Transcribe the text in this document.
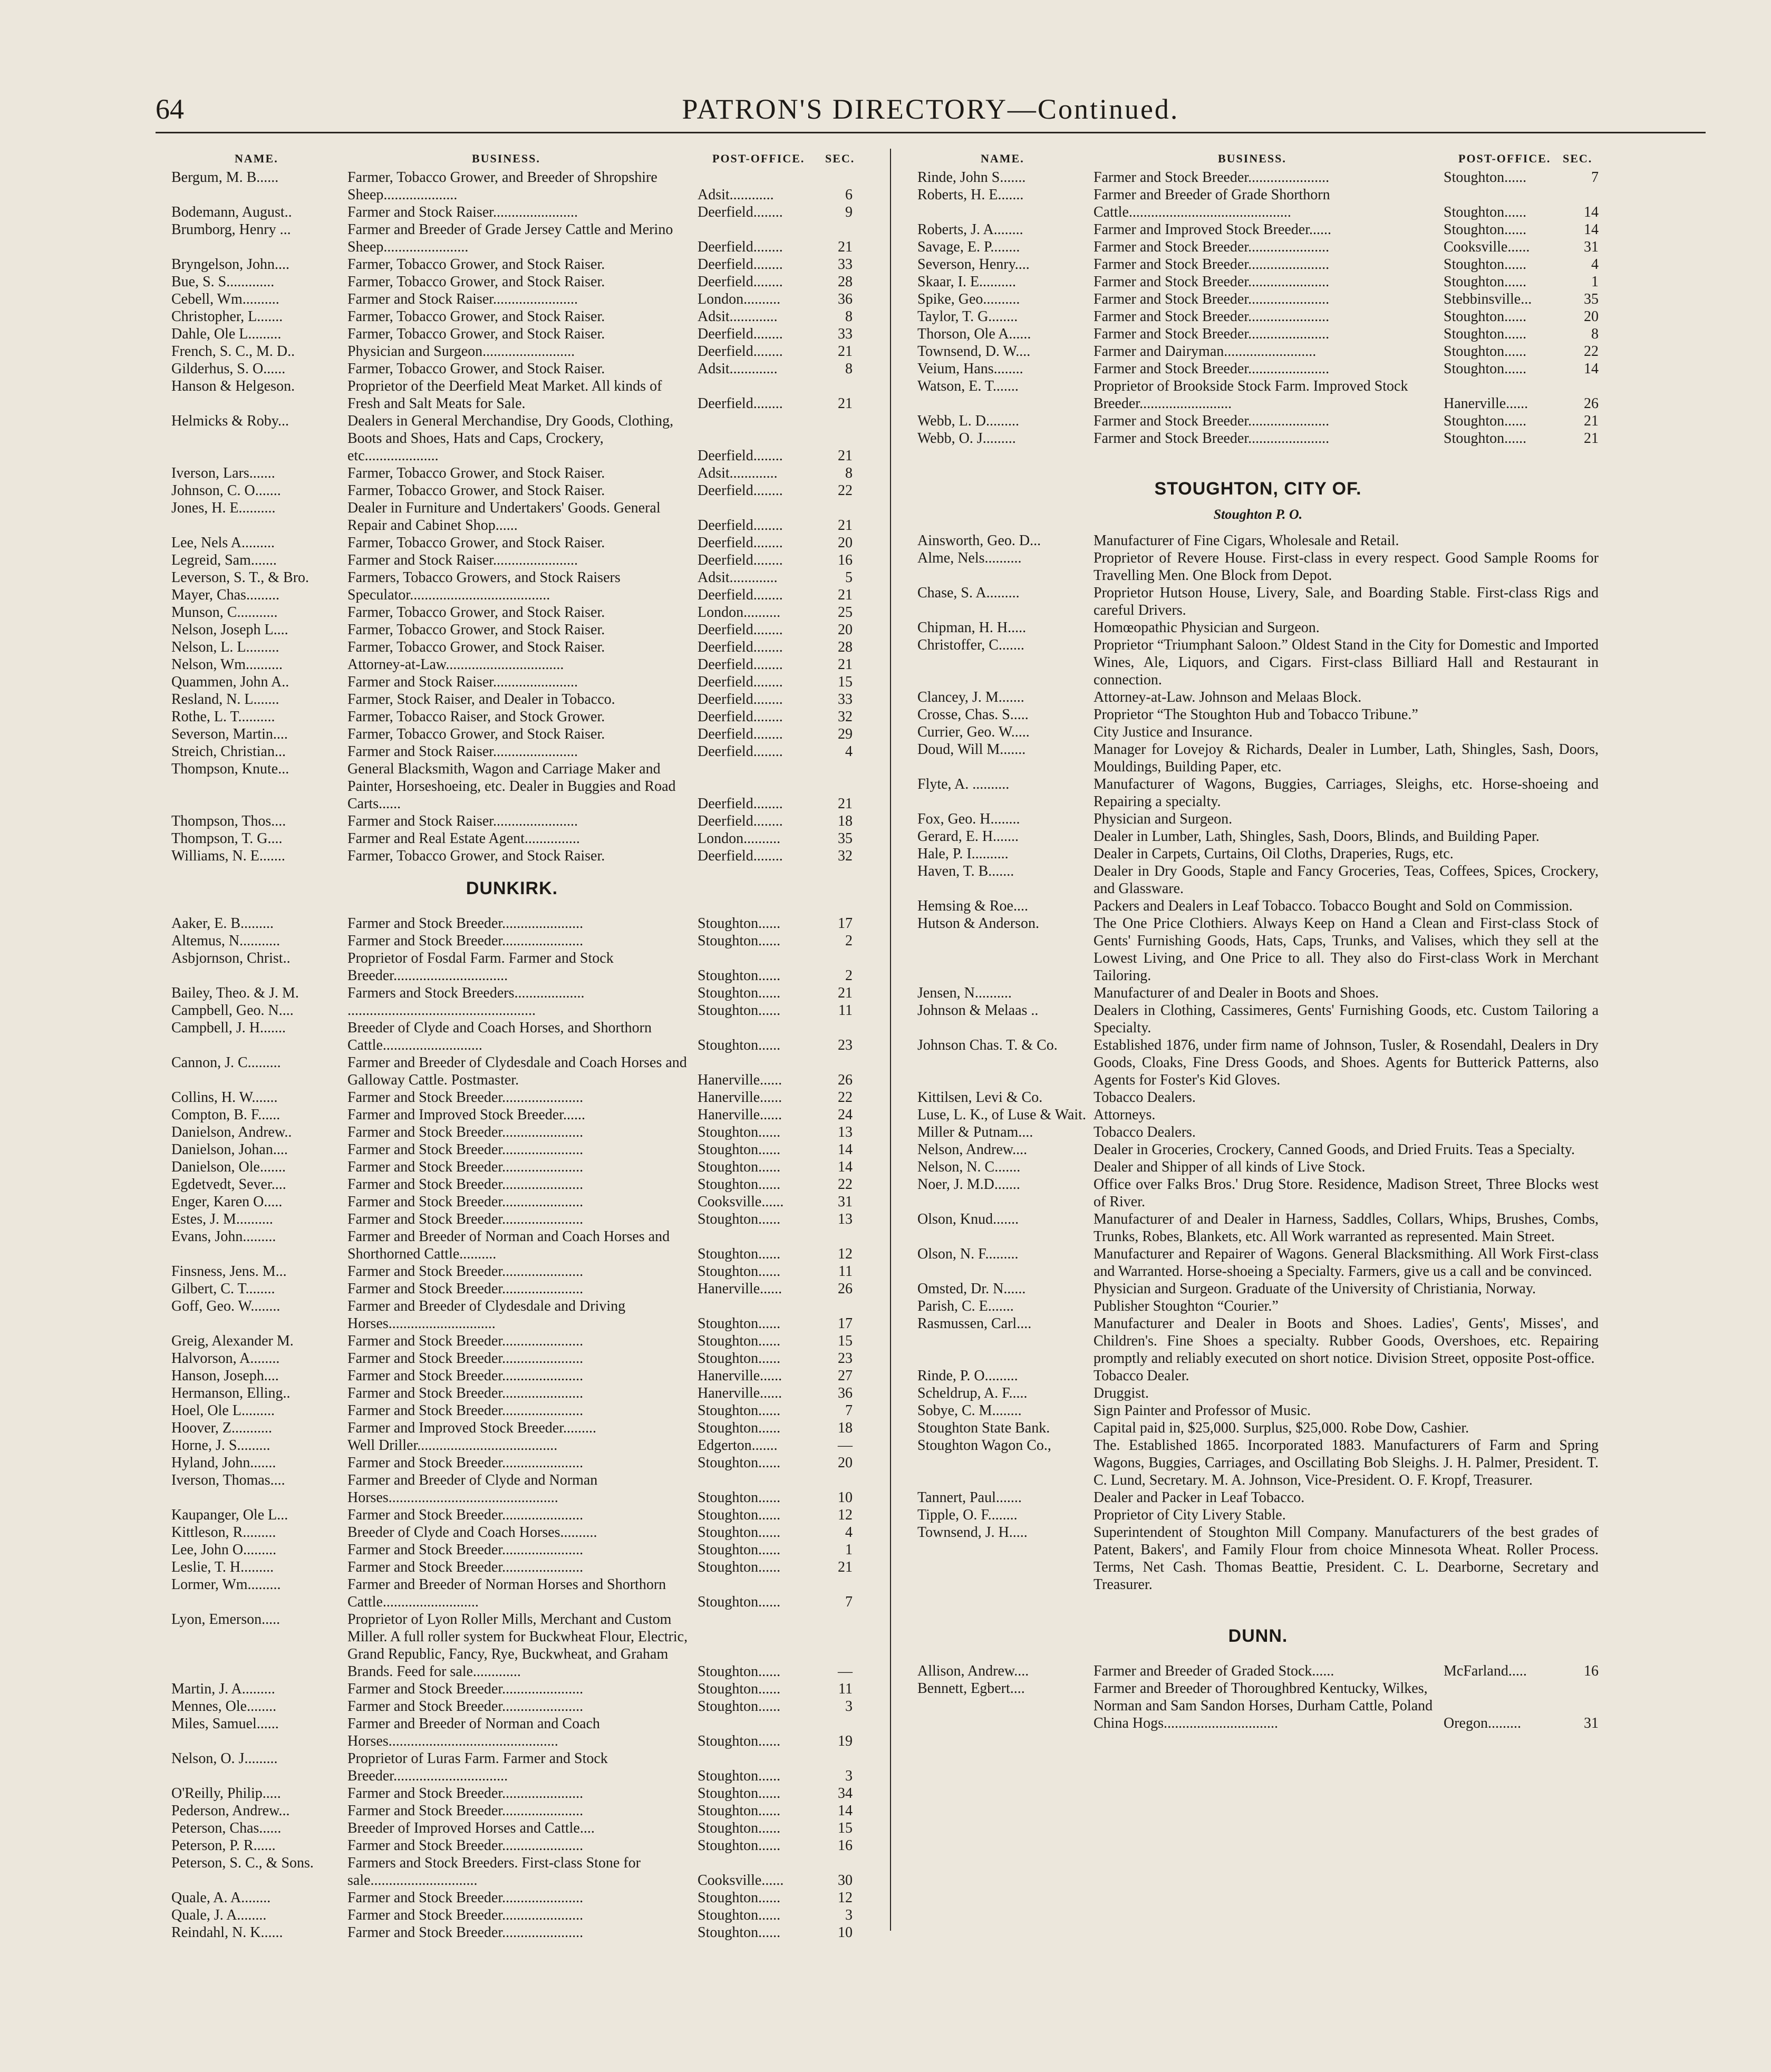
64	PATRON'S DIRECTORY—Continued.
NAME.	BUSINESS.	POST-OFFICE. SEC.
Bergum, M. B......	Farmer, Tobacco Grower, and Breeder of Shropshire Sheep....................	Adsit............	6
Bodemann, August..	Farmer and Stock Raiser.......................	Deerfield........	9
Brumborg, Henry ...	Farmer and Breeder of Grade Jersey Cattle and Merino Sheep.......................	Deerfield........	21
Bryngelson, John....	Farmer, Tobacco Grower, and Stock Raiser.	Deerfield........	33
Bue, S. S.............	Farmer, Tobacco Grower, and Stock Raiser.	Deerfield........	28
Cebell, Wm..........	Farmer and Stock Raiser.......................	London..........	36
Christopher, L.......	Farmer, Tobacco Grower, and Stock Raiser.	Adsit.............	8
Dahle, Ole L.........	Farmer, Tobacco Grower, and Stock Raiser.	Deerfield........	33
French, S. C., M. D..	Physician and Surgeon.........................	Deerfield........	21
Gilderhus, S. O......	Farmer, Tobacco Grower, and Stock Raiser.	Adsit.............	8
Hanson & Helgeson.	Proprietor of the Deerfield Meat Market. All kinds of Fresh and Salt Meats for Sale.	Deerfield........	21
Helmicks & Roby...	Dealers in General Merchandise, Dry Goods, Clothing, Boots and Shoes, Hats and Caps, Crockery, etc....................	Deerfield........	21
Iverson, Lars.......	Farmer, Tobacco Grower, and Stock Raiser.	Adsit.............	8
Johnson, C. O.......	Farmer, Tobacco Grower, and Stock Raiser.	Deerfield........	22
Jones, H. E..........	Dealer in Furniture and Undertakers' Goods. General Repair and Cabinet Shop......	Deerfield........	21
Lee, Nels A.........	Farmer, Tobacco Grower, and Stock Raiser.	Deerfield........	20
Legreid, Sam.......	Farmer and Stock Raiser.......................	Deerfield........	16
Leverson, S. T., & Bro.	Farmers, Tobacco Growers, and Stock Raisers	Adsit.............	5
Mayer, Chas.........	Speculator......................................	Deerfield........	21
Munson, C...........	Farmer, Tobacco Grower, and Stock Raiser.	London..........	25
Nelson, Joseph L....	Farmer, Tobacco Grower, and Stock Raiser.	Deerfield........	20
Nelson, L. L.........	Farmer, Tobacco Grower, and Stock Raiser.	Deerfield........	28
Nelson, Wm..........	Attorney-at-Law................................	Deerfield........	21
Quammen, John A..	Farmer and Stock Raiser.......................	Deerfield........	15
Resland, N. L.......	Farmer, Stock Raiser, and Dealer in Tobacco.	Deerfield........	33
Rothe, L. T..........	Farmer, Tobacco Raiser, and Stock Grower.	Deerfield........	32
Severson, Martin....	Farmer, Tobacco Grower, and Stock Raiser.	Deerfield........	29
Streich, Christian...	Farmer and Stock Raiser.......................	Deerfield........	4
Thompson, Knute...	General Blacksmith, Wagon and Carriage Maker and Painter, Horseshoeing, etc. Dealer in Buggies and Road Carts......	Deerfield........	21
Thompson, Thos....	Farmer and Stock Raiser.......................	Deerfield........	18
Thompson, T. G....	Farmer and Real Estate Agent...............	London..........	35
Williams, N. E.......	Farmer, Tobacco Grower, and Stock Raiser.	Deerfield........	32
DUNKIRK.
Aaker, E. B.........	Farmer and Stock Breeder......................	Stoughton......	17
Altemus, N...........	Farmer and Stock Breeder......................	Stoughton......	2
Asbjornson, Christ..	Proprietor of Fosdal Farm. Farmer and Stock Breeder...............................	Stoughton......	2
Bailey, Theo. & J. M.	Farmers and Stock Breeders...................	Stoughton......	21
Campbell, Geo. N....	...................................................	Stoughton......	11
Campbell, J. H.......	Breeder of Clyde and Coach Horses, and Shorthorn Cattle...........................	Stoughton......	23
Cannon, J. C.........	Farmer and Breeder of Clydesdale and Coach Horses and Galloway Cattle. Postmaster.	Hanerville......	26
Collins, H. W.......	Farmer and Stock Breeder......................	Hanerville......	22
Compton, B. F......	Farmer and Improved Stock Breeder......	Hanerville......	24
Danielson, Andrew..	Farmer and Stock Breeder......................	Stoughton......	13
Danielson, Johan....	Farmer and Stock Breeder......................	Stoughton......	14
Danielson, Ole.......	Farmer and Stock Breeder......................	Stoughton......	14
Egdetvedt, Sever....	Farmer and Stock Breeder......................	Stoughton......	22
Enger, Karen O.....	Farmer and Stock Breeder......................	Cooksville......	31
Estes, J. M..........	Farmer and Stock Breeder......................	Stoughton......	13
Evans, John.........	Farmer and Breeder of Norman and Coach Horses and Shorthorned Cattle..........	Stoughton......	12
Finsness, Jens. M...	Farmer and Stock Breeder......................	Stoughton......	11
Gilbert, C. T........	Farmer and Stock Breeder......................	Hanerville......	26
Goff, Geo. W........	Farmer and Breeder of Clydesdale and Driving Horses.............................	Stoughton......	17
Greig, Alexander M.	Farmer and Stock Breeder......................	Stoughton......	15
Halvorson, A........	Farmer and Stock Breeder......................	Stoughton......	23
Hanson, Joseph....	Farmer and Stock Breeder......................	Hanerville......	27
Hermanson, Elling..	Farmer and Stock Breeder......................	Hanerville......	36
Hoel, Ole L.........	Farmer and Stock Breeder......................	Stoughton......	7
Hoover, Z...........	Farmer and Improved Stock Breeder.........	Stoughton......	18
Horne, J. S.........	Well Driller......................................	Edgerton.......	—
Hyland, John.......	Farmer and Stock Breeder......................	Stoughton......	20
Iverson, Thomas....	Farmer and Breeder of Clyde and Norman Horses..............................................	Stoughton......	10
Kaupanger, Ole L...	Farmer and Stock Breeder......................	Stoughton......	12
Kittleson, R.........	Breeder of Clyde and Coach Horses..........	Stoughton......	4
Lee, John O.........	Farmer and Stock Breeder......................	Stoughton......	1
Leslie, T. H.........	Farmer and Stock Breeder......................	Stoughton......	21
Lormer, Wm.........	Farmer and Breeder of Norman Horses and Shorthorn Cattle..........................	Stoughton......	7
Lyon, Emerson.....	Proprietor of Lyon Roller Mills, Merchant and Custom Miller. A full roller system for Buckwheat Flour, Electric, Grand Republic, Fancy, Rye, Buckwheat, and Graham Brands. Feed for sale.............	Stoughton......	—
Martin, J. A.........	Farmer and Stock Breeder......................	Stoughton......	11
Mennes, Ole........	Farmer and Stock Breeder......................	Stoughton......	3
Miles, Samuel......	Farmer and Breeder of Norman and Coach Horses..............................................	Stoughton......	19
Nelson, O. J.........	Proprietor of Luras Farm. Farmer and Stock Breeder...............................	Stoughton......	3
O'Reilly, Philip.....	Farmer and Stock Breeder......................	Stoughton......	34
Pederson, Andrew...	Farmer and Stock Breeder......................	Stoughton......	14
Peterson, Chas......	Breeder of Improved Horses and Cattle....	Stoughton......	15
Peterson, P. R......	Farmer and Stock Breeder......................	Stoughton......	16
Peterson, S. C., & Sons.	Farmers and Stock Breeders. First-class Stone for sale.............................	Cooksville......	30
Quale, A. A........	Farmer and Stock Breeder......................	Stoughton......	12
Quale, J. A........	Farmer and Stock Breeder......................	Stoughton......	3
Reindahl, N. K......	Farmer and Stock Breeder......................	Stoughton......	10
NAME.	BUSINESS.	POST-OFFICE. SEC.
Rinde, John S.......	Farmer and Stock Breeder......................	Stoughton......	7
Roberts, H. E.......	Farmer and Breeder of Grade Shorthorn Cattle............................................	Stoughton......	14
Roberts, J. A........	Farmer and Improved Stock Breeder......	Stoughton......	14
Savage, E. P........	Farmer and Stock Breeder......................	Cooksville......	31
Severson, Henry....	Farmer and Stock Breeder......................	Stoughton......	4
Skaar, I. E..........	Farmer and Stock Breeder......................	Stoughton......	1
Spike, Geo..........	Farmer and Stock Breeder......................	Stebbinsville...	35
Taylor, T. G........	Farmer and Stock Breeder......................	Stoughton......	20
Thorson, Ole A......	Farmer and Stock Breeder......................	Stoughton......	8
Townsend, D. W....	Farmer and Dairyman.........................	Stoughton......	22
Veium, Hans........	Farmer and Stock Breeder......................	Stoughton......	14
Watson, E. T.......	Proprietor of Brookside Stock Farm. Improved Stock Breeder.........................	Hanerville......	26
Webb, L. D.........	Farmer and Stock Breeder......................	Stoughton......	21
Webb, O. J.........	Farmer and Stock Breeder......................	Stoughton......	21
STOUGHTON, CITY OF.
Stoughton P. O.
Ainsworth, Geo. D...	Manufacturer of Fine Cigars, Wholesale and Retail.
Alme, Nels..........	Proprietor of Revere House. First-class in every respect. Good Sample Rooms for Travelling Men. One Block from Depot.
Chase, S. A.........	Proprietor Hutson House, Livery, Sale, and Boarding Stable. First-class Rigs and careful Drivers.
Chipman, H. H.....	Homœopathic Physician and Surgeon.
Christoffer, C.......	Proprietor “Triumphant Saloon.” Oldest Stand in the City for Domestic and Imported Wines, Ale, Liquors, and Cigars. First-class Billiard Hall and Restaurant in connection.
Clancey, J. M.......	Attorney-at-Law. Johnson and Melaas Block.
Crosse, Chas. S.....	Proprietor “The Stoughton Hub and Tobacco Tribune.”
Currier, Geo. W.....	City Justice and Insurance.
Doud, Will M.......	Manager for Lovejoy & Richards, Dealer in Lumber, Lath, Shingles, Sash, Doors, Mouldings, Building Paper, etc.
Flyte, A. ..........	Manufacturer of Wagons, Buggies, Carriages, Sleighs, etc. Horse-shoeing and Repairing a specialty.
Fox, Geo. H........	Physician and Surgeon.
Gerard, E. H.......	Dealer in Lumber, Lath, Shingles, Sash, Doors, Blinds, and Building Paper.
Hale, P. I..........	Dealer in Carpets, Curtains, Oil Cloths, Draperies, Rugs, etc.
Haven, T. B.......	Dealer in Dry Goods, Staple and Fancy Groceries, Teas, Coffees, Spices, Crockery, and Glassware.
Hemsing & Roe....	Packers and Dealers in Leaf Tobacco. Tobacco Bought and Sold on Commission.
Hutson & Anderson.	The One Price Clothiers. Always Keep on Hand a Clean and First-class Stock of Gents' Furnishing Goods, Hats, Caps, Trunks, and Valises, which they sell at the Lowest Living, and One Price to all. They also do First-class Work in Merchant Tailoring.
Jensen, N..........	Manufacturer of and Dealer in Boots and Shoes.
Johnson & Melaas ..	Dealers in Clothing, Cassimeres, Gents' Furnishing Goods, etc. Custom Tailoring a Specialty.
Johnson Chas. T. & Co.	Established 1876, under firm name of Johnson, Tusler, & Rosendahl, Dealers in Dry Goods, Cloaks, Fine Dress Goods, and Shoes. Agents for Butterick Patterns, also Agents for Foster's Kid Gloves.
Kittilsen, Levi & Co.	Tobacco Dealers.
Luse, L. K., of Luse & Wait. Attorneys.
Miller & Putnam....	Tobacco Dealers.
Nelson, Andrew....	Dealer in Groceries, Crockery, Canned Goods, and Dried Fruits. Teas a Specialty.
Nelson, N. C.......	Dealer and Shipper of all kinds of Live Stock.
Noer, J. M.D.......	Office over Falks Bros.' Drug Store. Residence, Madison Street, Three Blocks west of River.
Olson, Knud.......	Manufacturer of and Dealer in Harness, Saddles, Collars, Whips, Brushes, Combs, Trunks, Robes, Blankets, etc. All Work warranted as represented. Main Street.
Olson, N. F.........	Manufacturer and Repairer of Wagons. General Blacksmithing. All Work First-class and Warranted. Horse-shoeing a Specialty. Farmers, give us a call and be convinced.
Omsted, Dr. N......	Physician and Surgeon. Graduate of the University of Christiania, Norway.
Parish, C. E.......	Publisher Stoughton “Courier.”
Rasmussen, Carl....	Manufacturer and Dealer in Boots and Shoes. Ladies', Gents', Misses', and Children's. Fine Shoes a specialty. Rubber Goods, Overshoes, etc. Repairing promptly and reliably executed on short notice. Division Street, opposite Post-office.
Rinde, P. O.........	Tobacco Dealer.
Scheldrup, A. F.....	Druggist.
Sobye, C. M........	Sign Painter and Professor of Music.
Stoughton State Bank.	Capital paid in, $25,000. Surplus, $25,000. Robe Dow, Cashier.
Stoughton Wagon Co.,	The. Established 1865. Incorporated 1883. Manufacturers of Farm and Spring Wagons, Buggies, Carriages, and Oscillating Bob Sleighs. J. H. Palmer, President. T. C. Lund, Secretary. M. A. Johnson, Vice-President. O. F. Kropf, Treasurer.
Tannert, Paul.......	Dealer and Packer in Leaf Tobacco.
Tipple, O. F........	Proprietor of City Livery Stable.
Townsend, J. H.....	Superintendent of Stoughton Mill Company. Manufacturers of the best grades of Patent, Bakers', and Family Flour from choice Minnesota Wheat. Roller Process. Terms, Net Cash. Thomas Beattie, President. C. L. Dearborne, Secretary and Treasurer.
DUNN.
Allison, Andrew....	Farmer and Breeder of Graded Stock......	McFarland.....	16
Bennett, Egbert....	Farmer and Breeder of Thoroughbred Kentucky, Wilkes, Norman and Sam Sandon Horses, Durham Cattle, Poland China Hogs...............................	Oregon.........	31
